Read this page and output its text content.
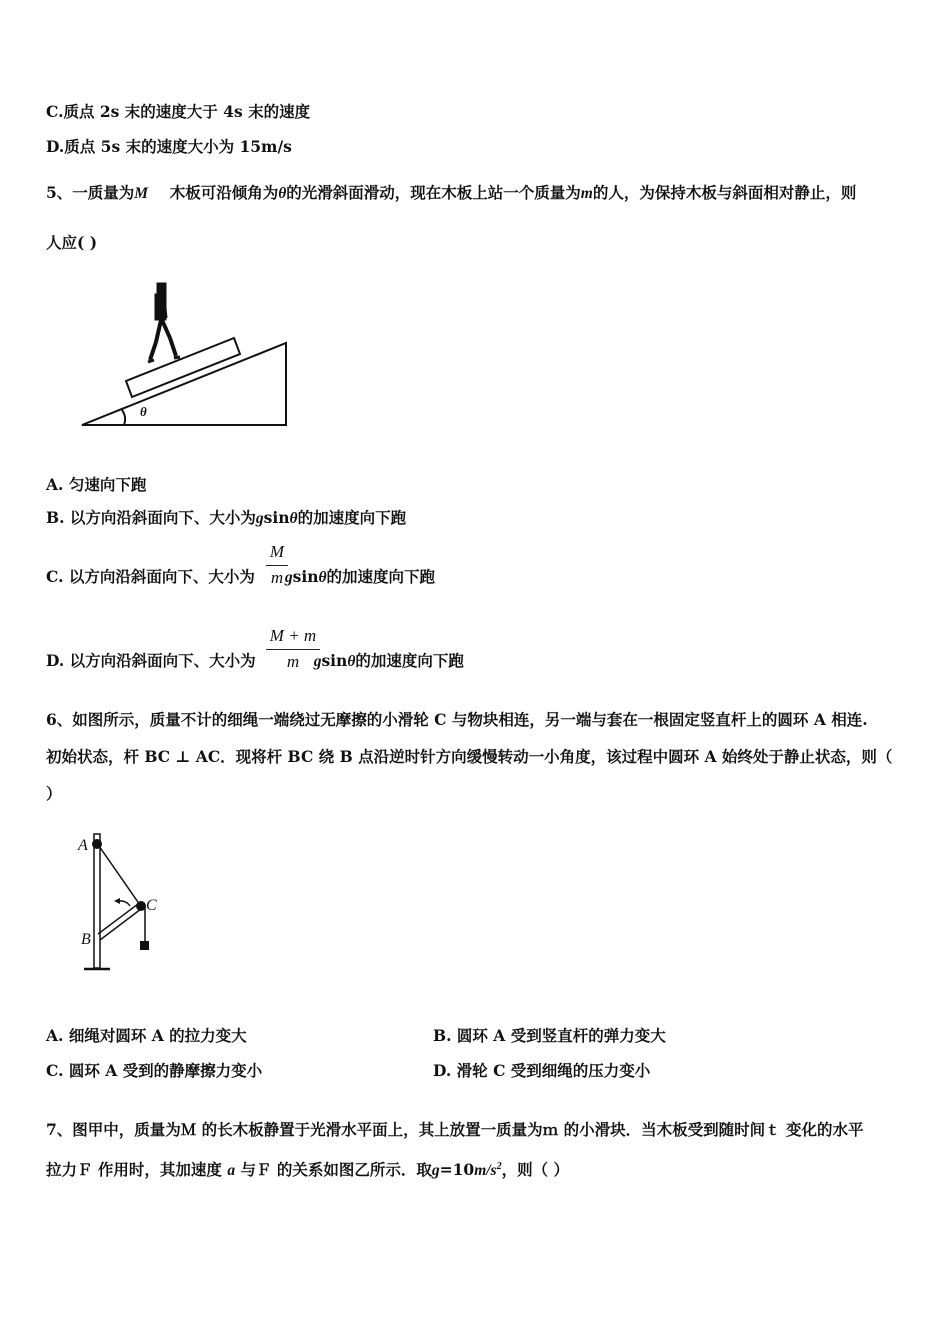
C.质点 2s 末的速度大于 4s 末的速度
D.质点 5s 末的速度大小为 15m/s
5、一质量为M 木板可沿倾角为θ的光滑斜面滑动，现在木板上站一个质量为m的人，为保持木板与斜面相对静止，则
人应( )
θ
A. 匀速向下跑
B. 以方向沿斜面向下、大小为gsinθ的加速度向下跑
M
m
C. 以方向沿斜面向下、大小为 gsinθ的加速度向下跑
M + m
m
D. 以方向沿斜面向下、大小为	gsinθ的加速度向下跑
6、如图所示，质量不计的细绳一端绕过无摩擦的小滑轮 C 与物块相连，另一端与套在一根固定竖直杆上的圆环 A 相连.
初始状态，杆 BC ⊥ AC．现将杆 BC 绕 B 点沿逆时针方向缓慢转动一小角度，该过程中圆环 A 始终处于静止状态，则（
）
A
B
C
A. 细绳对圆环 A 的拉力变大	B. 圆环 A 受到竖直杆的弹力变大
C. 圆环 A 受到的静摩擦力变小	D. 滑轮 C 受到细绳的压力变小
7、图甲中，质量为Ｍ 的长木板静置于光滑水平面上，其上放置一质量为ｍ 的小滑块．当木板受到随时间ｔ 变化的水平
拉力Ｆ 作用时，其加速度 a 与Ｆ 的关系如图乙所示．取$g=10m/s^2$，则（ ）
